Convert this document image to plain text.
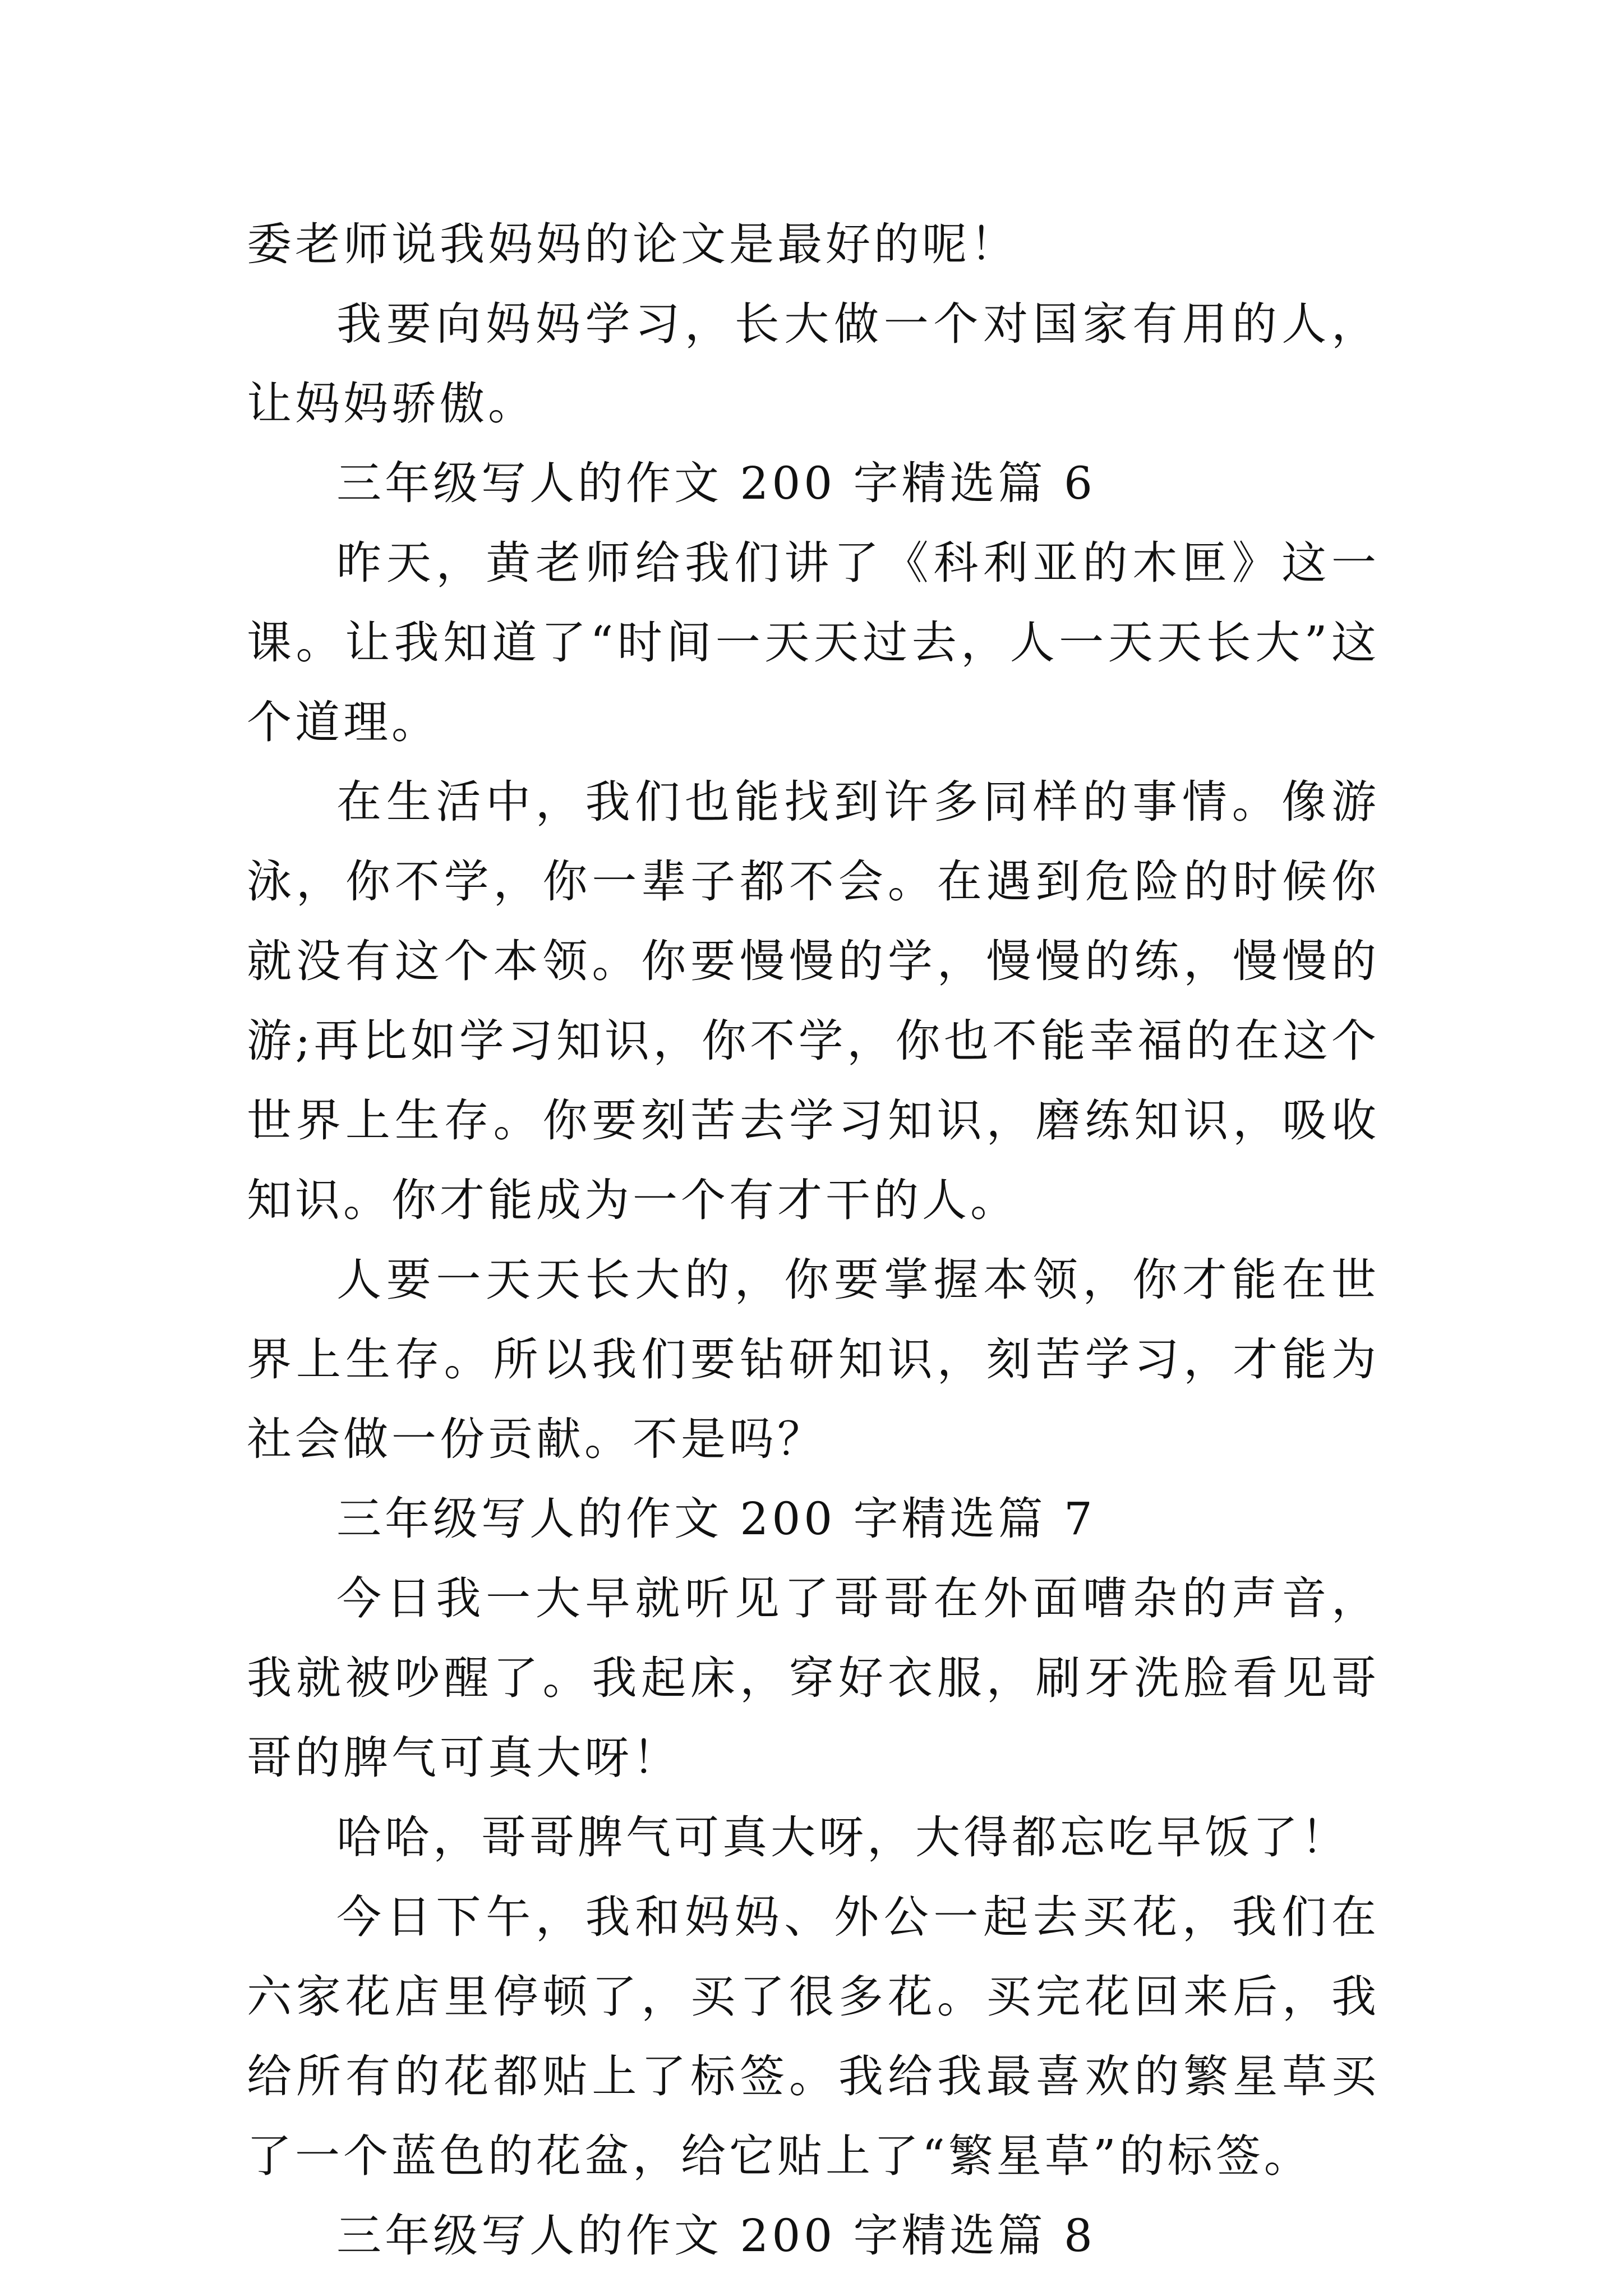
委老师说我妈妈的论文是最好的呢！

我要向妈妈学习，长大做一个对国家有用的人，让妈妈骄傲。

三年级写人的作文 200 字精选篇 6

昨天，黄老师给我们讲了《科利亚的木匣》这一课。让我知道了“时间一天天过去，人一天天长大”这个道理。

在生活中，我们也能找到许多同样的事情。像游泳，你不学，你一辈子都不会。在遇到危险的时候你就没有这个本领。你要慢慢的学，慢慢的练，慢慢的游;再比如学习知识，你不学，你也不能幸福的在这个世界上生存。你要刻苦去学习知识，磨练知识，吸收知识。你才能成为一个有才干的人。

人要一天天长大的，你要掌握本领，你才能在世界上生存。所以我们要钻研知识，刻苦学习，才能为社会做一份贡献。不是吗？

三年级写人的作文 200 字精选篇 7

今日我一大早就听见了哥哥在外面嘈杂的声音，我就被吵醒了。我起床，穿好衣服，刷牙洗脸看见哥哥的脾气可真大呀！

哈哈，哥哥脾气可真大呀，大得都忘吃早饭了！

今日下午，我和妈妈、外公一起去买花，我们在六家花店里停顿了，买了很多花。买完花回来后，我给所有的花都贴上了标签。我给我最喜欢的繁星草买了一个蓝色的花盆，给它贴上了“繁星草”的标签。

三年级写人的作文 200 字精选篇 8
